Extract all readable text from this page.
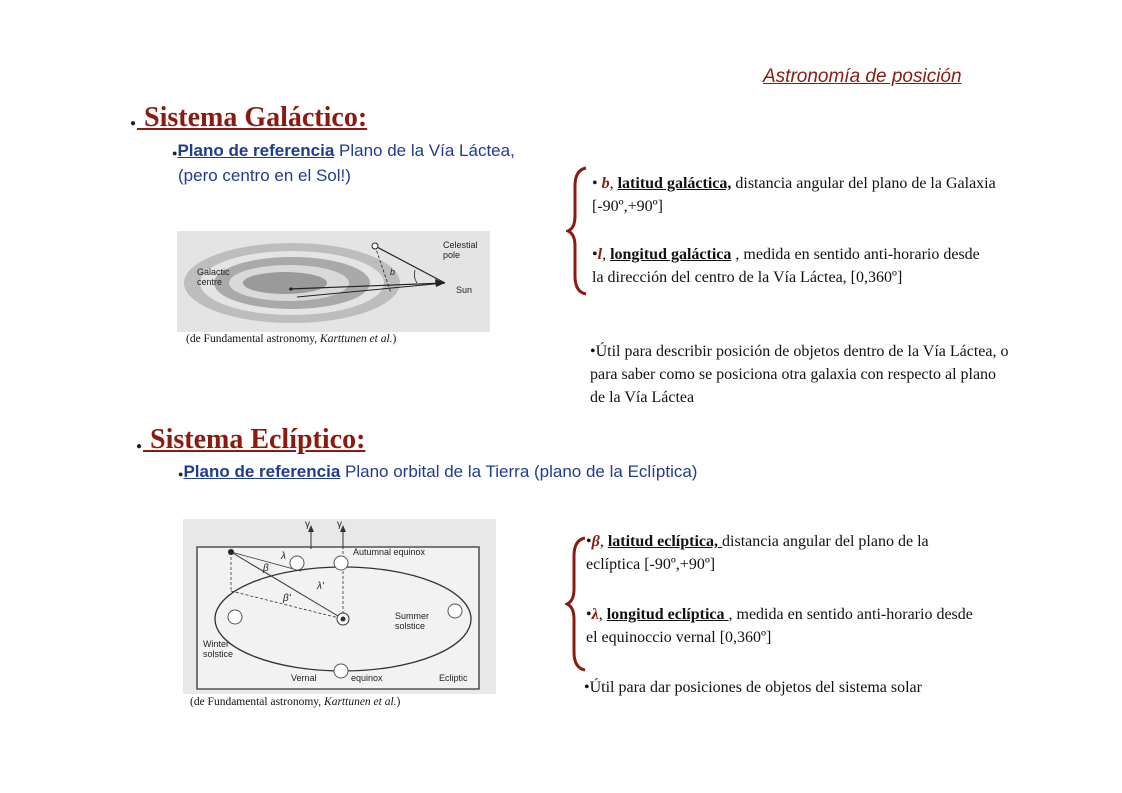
Astronomía de posición
● Sistema Galáctico:
●Plano de referencia Plano de la Vía Láctea,
(pero centro en el Sol!)
Celestial pole
Galactic centre
b
Sun
(de Fundamental astronomy, Karttunen et al.)
• b, latitud galáctica, distancia angular del plano de la Galaxia [-90º,+90º]
•l, longitud galáctica , medida en sentido anti-horario desde la dirección del centro de la Vía Láctea, [0,360º]
•Útil para describir posición de objetos dentro de la Vía Láctea, o para saber como se posiciona otra galaxia con respecto al plano de la Vía Láctea
● Sistema Eclíptico:
●Plano de referencia Plano orbital de la Tierra (plano de la Eclíptica)
γ	γ
λ
β
β'
λ'
Autumnal equinox
Summer solstice
Winter solstice
Vernal	equinox	Ecliptic
(de Fundamental astronomy, Karttunen et al.)
•β, latitud eclíptica, distancia angular del plano de la eclíptica [-90º,+90º]
•λ, longitud eclíptica , medida en sentido anti-horario desde el equinoccio vernal [0,360º]
•Útil para dar posiciones de objetos del sistema solar
